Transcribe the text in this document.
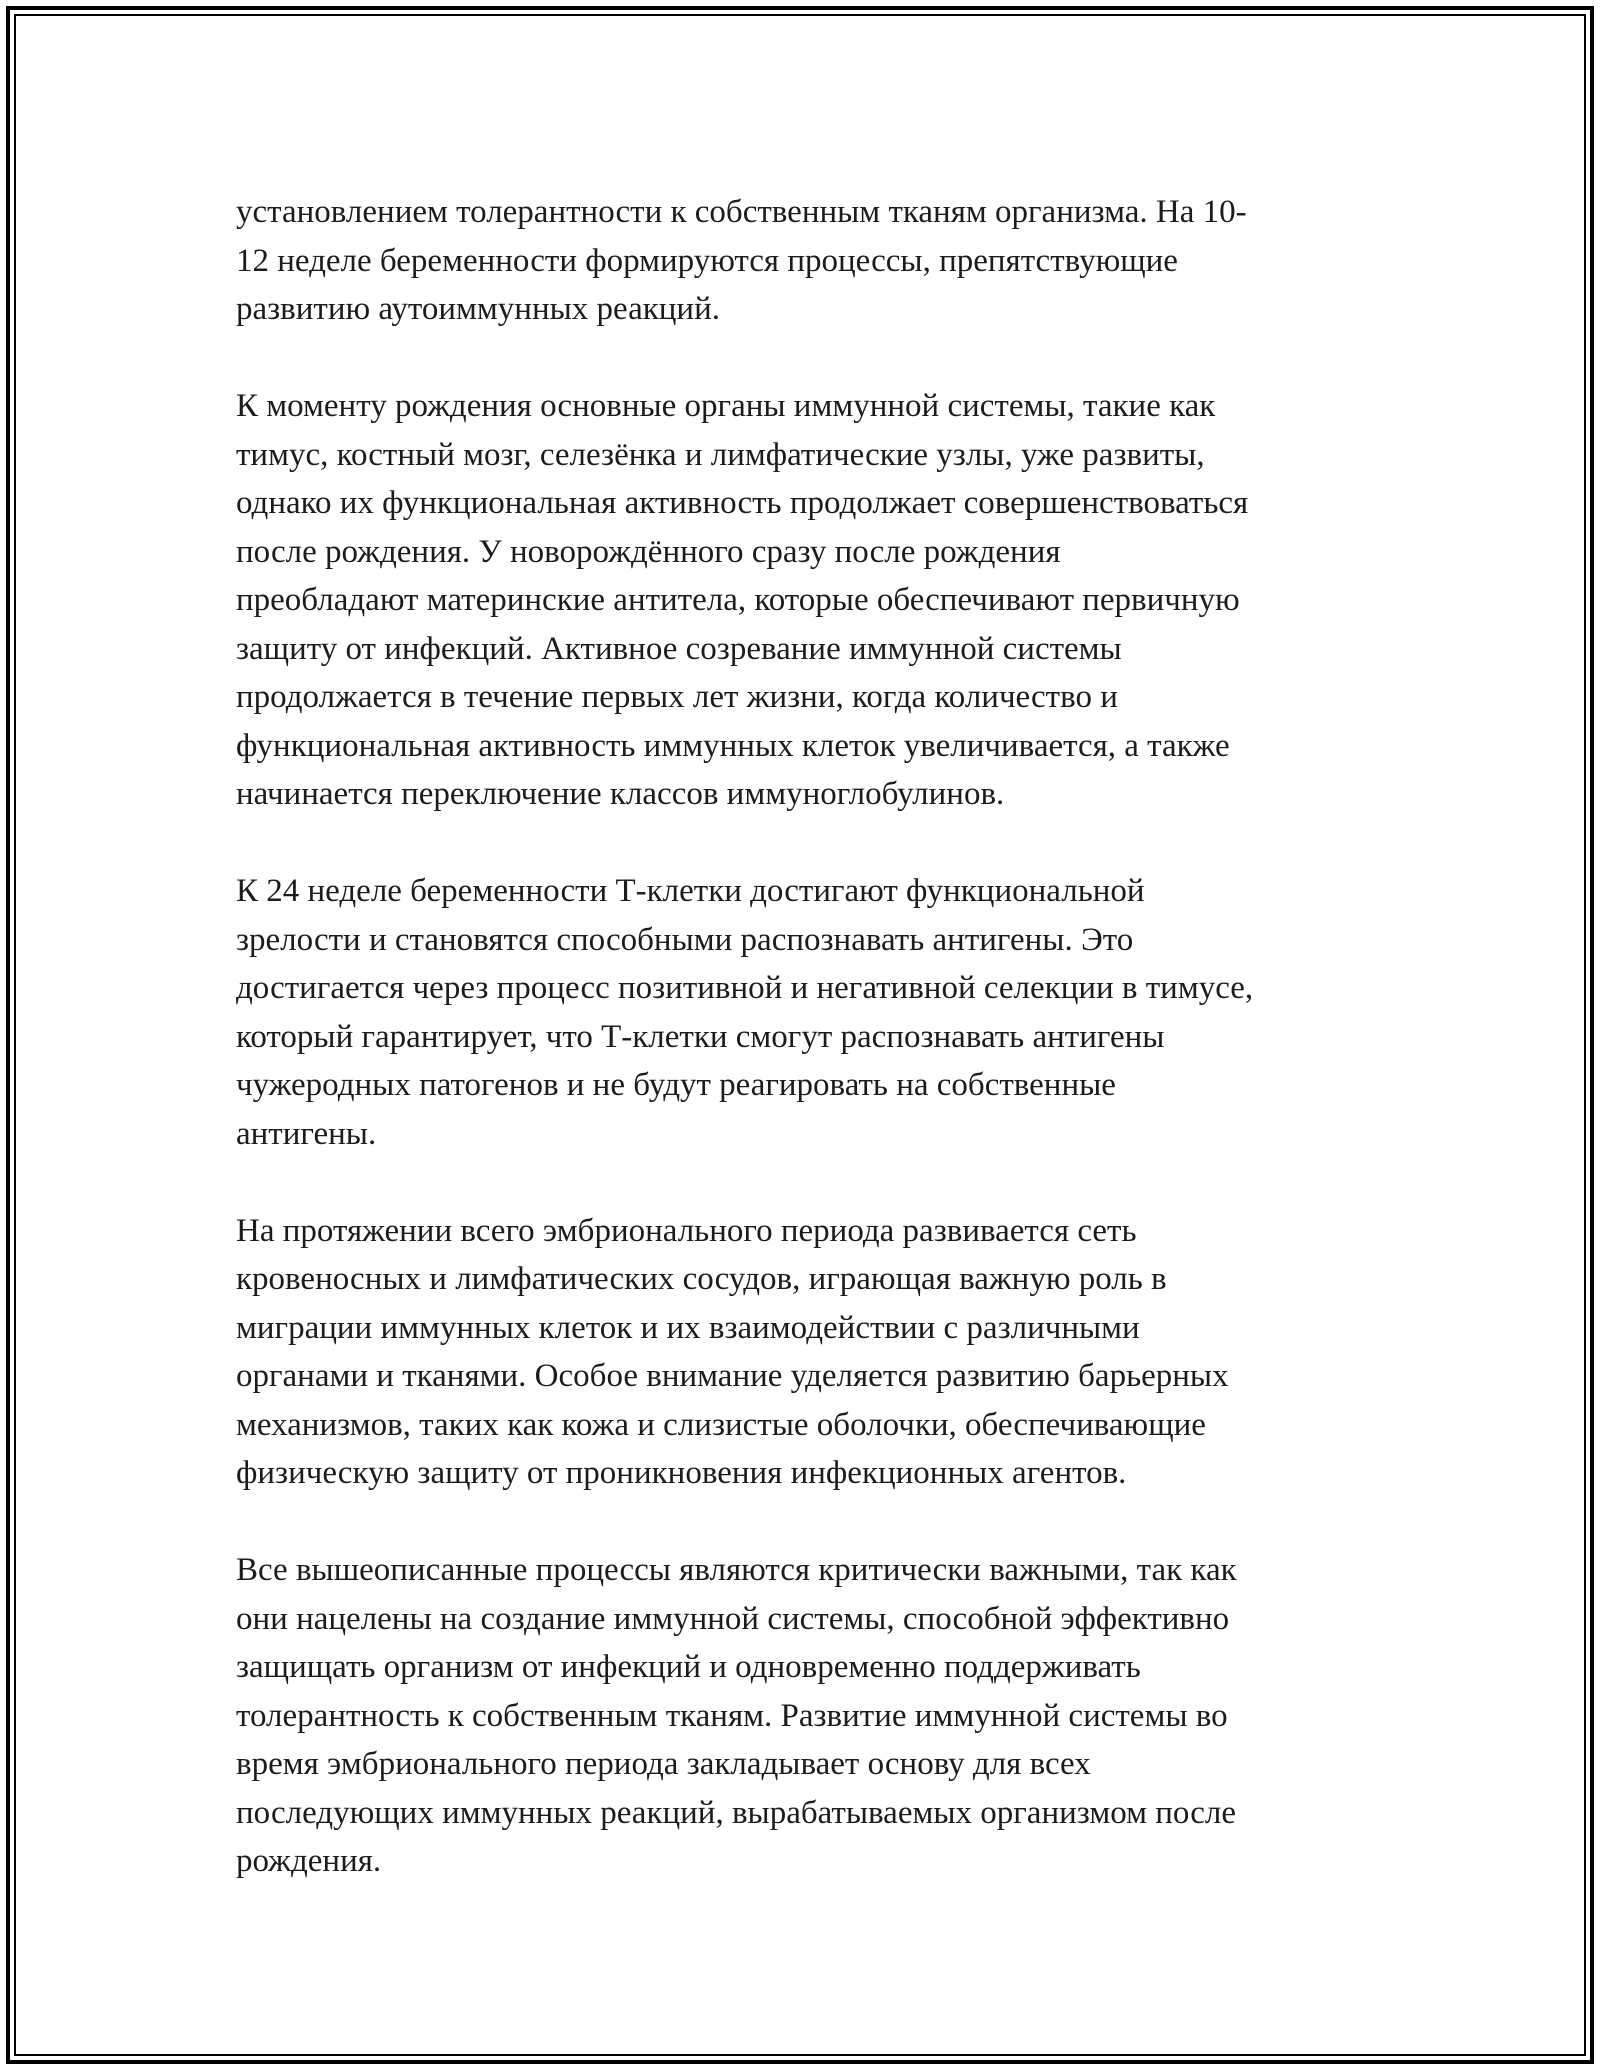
установлением толерантности к собственным тканям организма. На 10-
12 неделе беременности формируются процессы, препятствующие
развитию аутоиммунных реакций.

К моменту рождения основные органы иммунной системы, такие как
тимус, костный мозг, селезёнка и лимфатические узлы, уже развиты,
однако их функциональная активность продолжает совершенствоваться
после рождения. У новорождённого сразу после рождения
преобладают материнские антитела, которые обеспечивают первичную
защиту от инфекций. Активное созревание иммунной системы
продолжается в течение первых лет жизни, когда количество и
функциональная активность иммунных клеток увеличивается, а также
начинается переключение классов иммуноглобулинов.

К 24 неделе беременности Т-клетки достигают функциональной
зрелости и становятся способными распознавать антигены. Это
достигается через процесс позитивной и негативной селекции в тимусе,
который гарантирует, что Т-клетки смогут распознавать антигены
чужеродных патогенов и не будут реагировать на собственные
антигены.

На протяжении всего эмбрионального периода развивается сеть
кровеносных и лимфатических сосудов, играющая важную роль в
миграции иммунных клеток и их взаимодействии с различными
органами и тканями. Особое внимание уделяется развитию барьерных
механизмов, таких как кожа и слизистые оболочки, обеспечивающие
физическую защиту от проникновения инфекционных агентов.

Все вышеописанные процессы являются критически важными, так как
они нацелены на создание иммунной системы, способной эффективно
защищать организм от инфекций и одновременно поддерживать
толерантность к собственным тканям. Развитие иммунной системы во
время эмбрионального периода закладывает основу для всех
последующих иммунных реакций, вырабатываемых организмом после
рождения.
